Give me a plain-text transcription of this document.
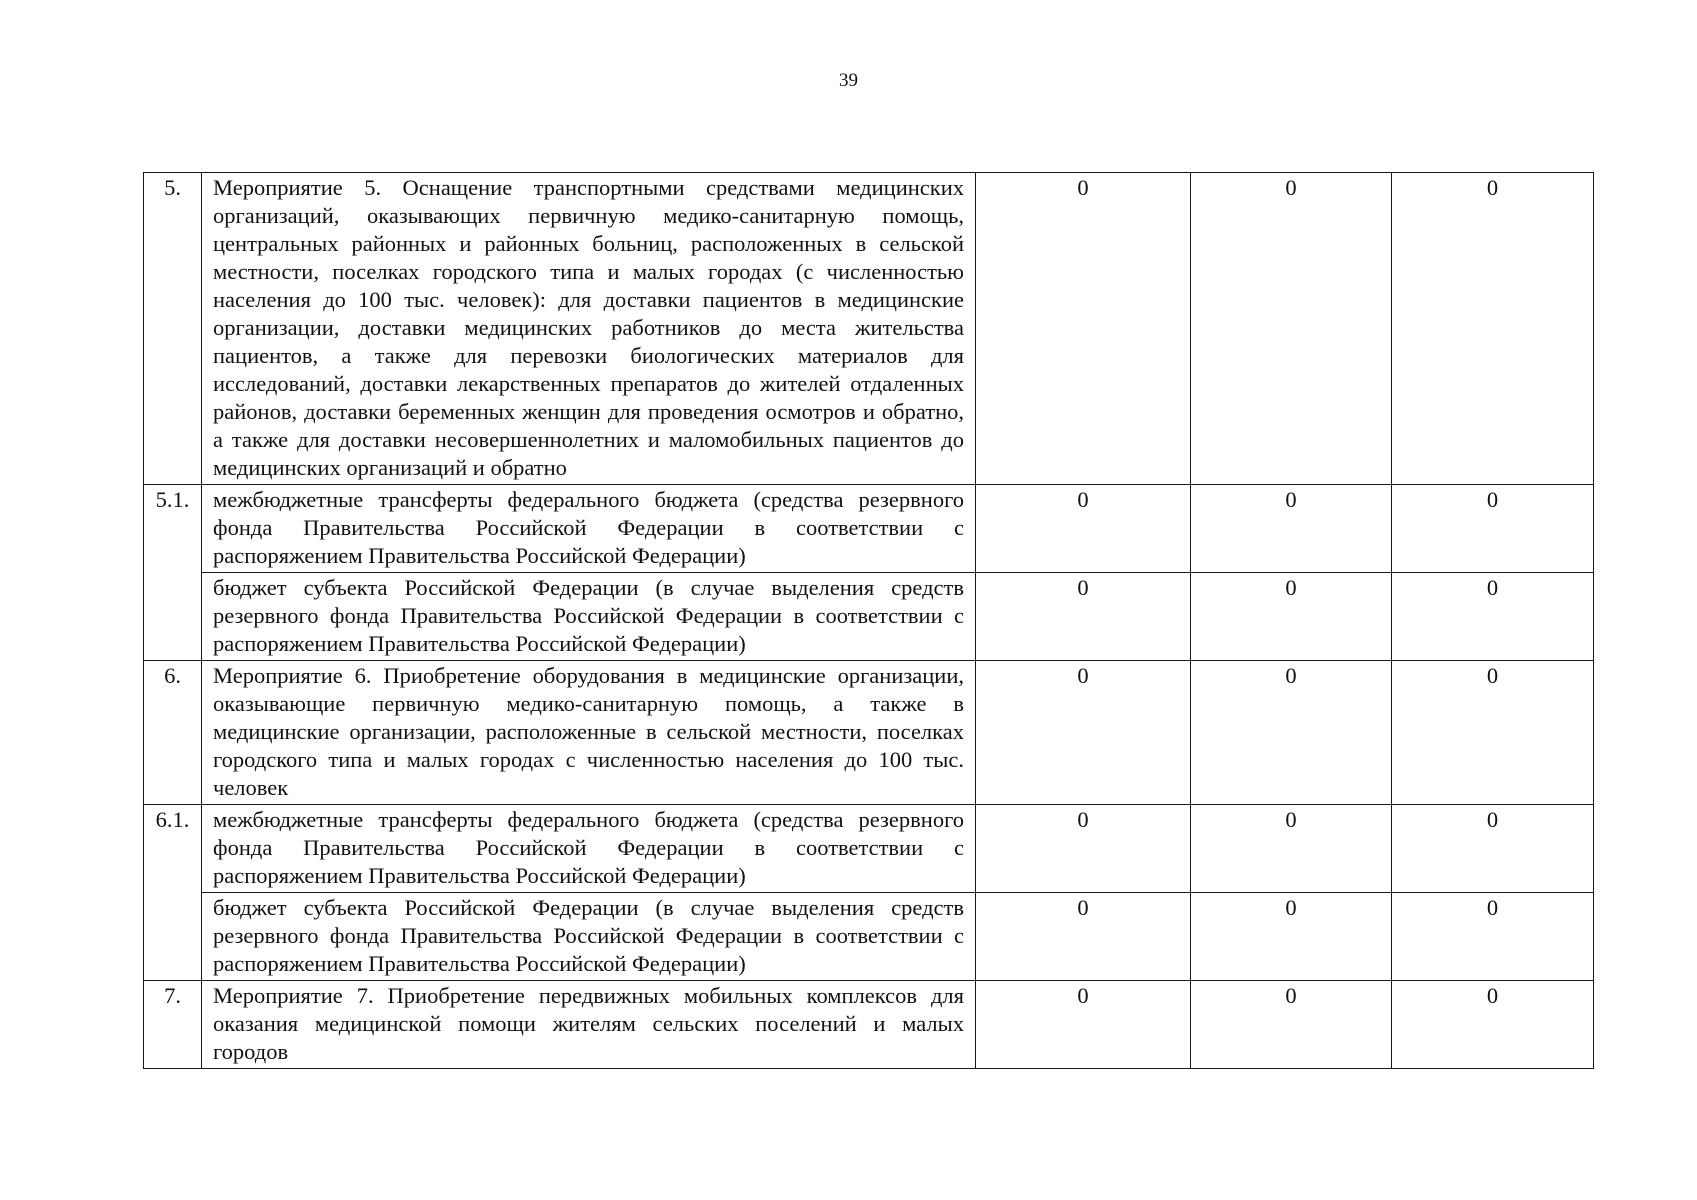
39
5.	Мероприятие 5. Оснащение транспортными средствами медицинских организаций, оказывающих первичную медико-санитарную помощь, центральных районных и районных больниц, расположенных в сельской местности, поселках городского типа и малых городах (с численностью населения до 100 тыс. человек): для доставки пациентов в медицинские организации, доставки медицинских работников до места жительства пациентов, а также для перевозки биологических материалов для исследований, доставки лекарственных препаратов до жителей отдаленных районов, доставки беременных женщин для проведения осмотров и обратно, а также для доставки несовершеннолетних и маломобильных пациентов до медицинских организаций и обратно	0	0	0
5.1.	межбюджетные трансферты федерального бюджета (средства резервного фонда Правительства Российской Федерации в соответствии с распоряжением Правительства Российской Федерации)	0	0	0
	бюджет субъекта Российской Федерации (в случае выделения средств резервного фонда Правительства Российской Федерации в соответствии с распоряжением Правительства Российской Федерации)	0	0	0
6.	Мероприятие 6. Приобретение оборудования в медицинские организации, оказывающие первичную медико-санитарную помощь, а также в медицинские организации, расположенные в сельской местности, поселках городского типа и малых городах с численностью населения до 100 тыс. человек	0	0	0
6.1.	межбюджетные трансферты федерального бюджета (средства резервного фонда Правительства Российской Федерации в соответствии с распоряжением Правительства Российской Федерации)	0	0	0
	бюджет субъекта Российской Федерации (в случае выделения средств резервного фонда Правительства Российской Федерации в соответствии с распоряжением Правительства Российской Федерации)	0	0	0
7.	Мероприятие 7. Приобретение передвижных мобильных комплексов для оказания медицинской помощи жителям сельских поселений и малых городов	0	0	0
